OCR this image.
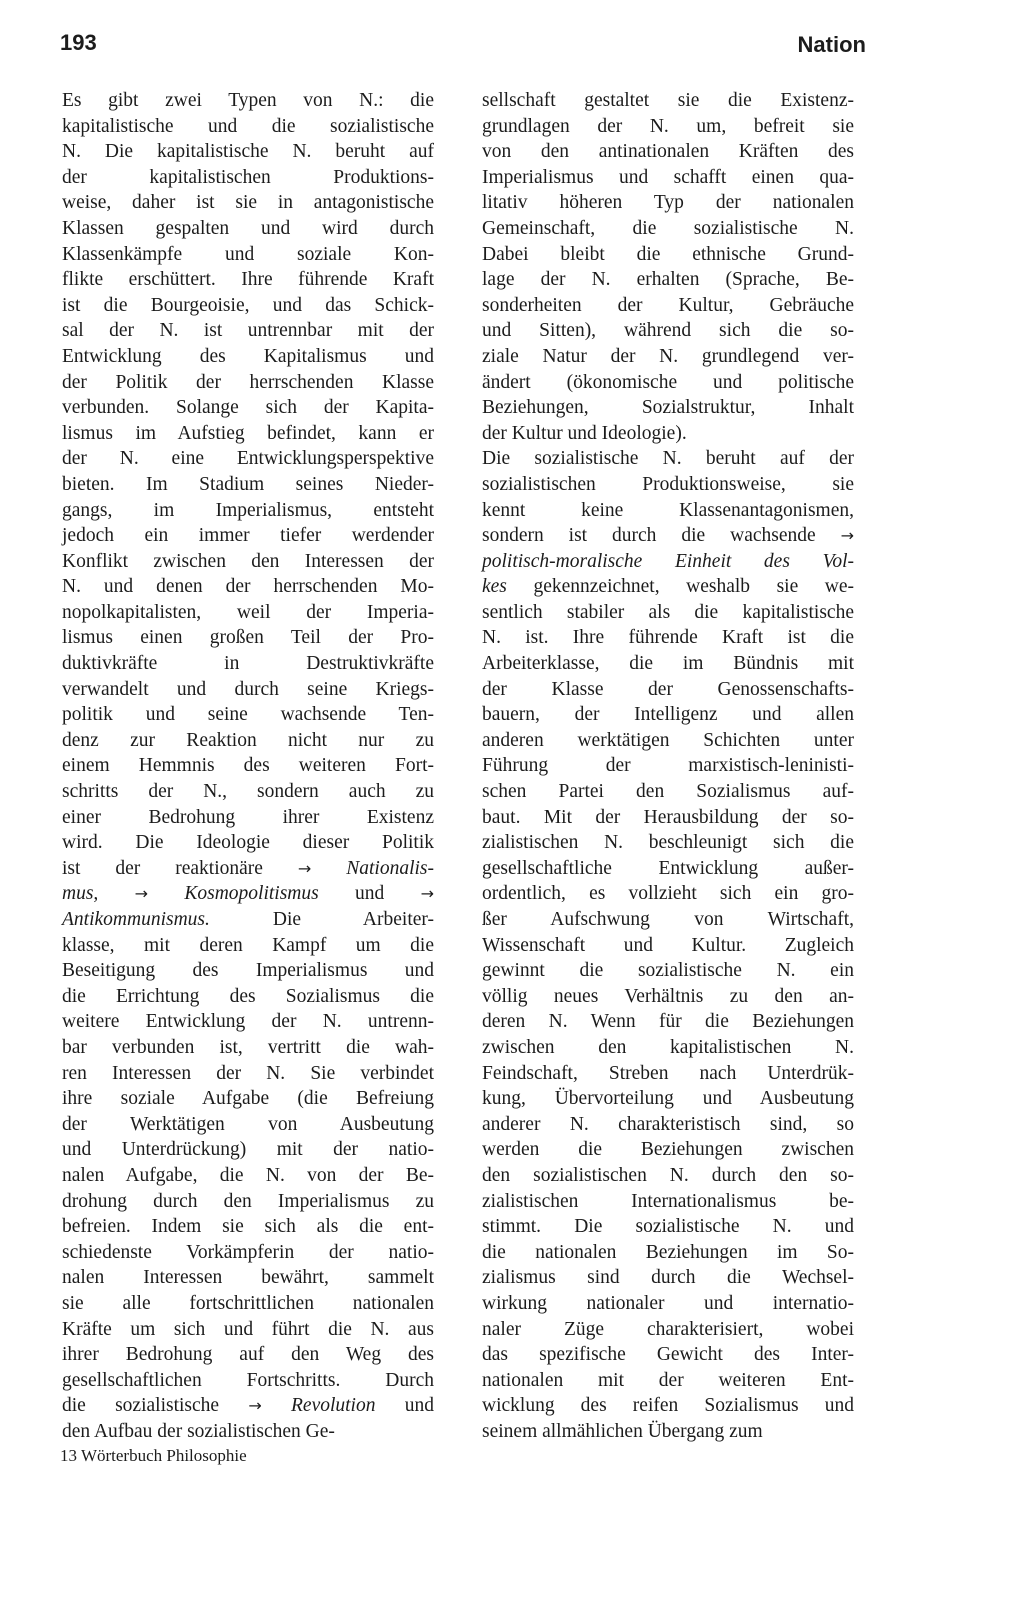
193	Nation
Es gibt zwei Typen von N.: die
kapitalistische und die sozialistische
N. Die kapitalistische N. beruht auf
der kapitalistischen Produktions-
weise, daher ist sie in antagonistische
Klassen gespalten und wird durch
Klassenkämpfe und soziale Kon-
flikte erschüttert. Ihre führende Kraft
ist die Bourgeoisie, und das Schick-
sal der N. ist untrennbar mit der
Entwicklung des Kapitalismus und
der Politik der herrschenden Klasse
verbunden. Solange sich der Kapita-
lismus im Aufstieg befindet, kann er
der N. eine Entwicklungsperspektive
bieten. Im Stadium seines Nieder-
gangs, im Imperialismus, entsteht
jedoch ein immer tiefer werdender
Konflikt zwischen den Interessen der
N. und denen der herrschenden Mo-
nopolkapitalisten, weil der Imperia-
lismus einen großen Teil der Pro-
duktivkräfte in Destruktivkräfte
verwandelt und durch seine Kriegs-
politik und seine wachsende Ten-
denz zur Reaktion nicht nur zu
einem Hemmnis des weiteren Fort-
schritts der N., sondern auch zu
einer Bedrohung ihrer Existenz
wird. Die Ideologie dieser Politik
ist der reaktionäre → Nationalis-
mus, → Kosmopolitismus und →
Antikommunismus. Die Arbeiter-
klasse, mit deren Kampf um die
Beseitigung des Imperialismus und
die Errichtung des Sozialismus die
weitere Entwicklung der N. untrenn-
bar verbunden ist, vertritt die wah-
ren Interessen der N. Sie verbindet
ihre soziale Aufgabe (die Befreiung
der Werktätigen von Ausbeutung
und Unterdrückung) mit der natio-
nalen Aufgabe, die N. von der Be-
drohung durch den Imperialismus zu
befreien. Indem sie sich als die ent-
schiedenste Vorkämpferin der natio-
nalen Interessen bewährt, sammelt
sie alle fortschrittlichen nationalen
Kräfte um sich und führt die N. aus
ihrer Bedrohung auf den Weg des
gesellschaftlichen Fortschritts. Durch
die sozialistische → Revolution und
den Aufbau der sozialistischen Ge-
sellschaft gestaltet sie die Existenz-
grundlagen der N. um, befreit sie
von den antinationalen Kräften des
Imperialismus und schafft einen qua-
litativ höheren Typ der nationalen
Gemeinschaft, die sozialistische N.
Dabei bleibt die ethnische Grund-
lage der N. erhalten (Sprache, Be-
sonderheiten der Kultur, Gebräuche
und Sitten), während sich die so-
ziale Natur der N. grundlegend ver-
ändert (ökonomische und politische
Beziehungen, Sozialstruktur, Inhalt
der Kultur und Ideologie).
Die sozialistische N. beruht auf der
sozialistischen Produktionsweise, sie
kennt keine Klassenantagonismen,
sondern ist durch die wachsende →
politisch-moralische Einheit des Vol-
kes gekennzeichnet, weshalb sie we-
sentlich stabiler als die kapitalistische
N. ist. Ihre führende Kraft ist die
Arbeiterklasse, die im Bündnis mit
der Klasse der Genossenschafts-
bauern, der Intelligenz und allen
anderen werktätigen Schichten unter
Führung der marxistisch-leninisti-
schen Partei den Sozialismus auf-
baut. Mit der Herausbildung der so-
zialistischen N. beschleunigt sich die
gesellschaftliche Entwicklung außer-
ordentlich, es vollzieht sich ein gro-
ßer Aufschwung von Wirtschaft,
Wissenschaft und Kultur. Zugleich
gewinnt die sozialistische N. ein
völlig neues Verhältnis zu den an-
deren N. Wenn für die Beziehungen
zwischen den kapitalistischen N.
Feindschaft, Streben nach Unterdrük-
kung, Übervorteilung und Ausbeutung
anderer N. charakteristisch sind, so
werden die Beziehungen zwischen
den sozialistischen N. durch den so-
zialistischen Internationalismus be-
stimmt. Die sozialistische N. und
die nationalen Beziehungen im So-
zialismus sind durch die Wechsel-
wirkung nationaler und internatio-
naler Züge charakterisiert, wobei
das spezifische Gewicht des Inter-
nationalen mit der weiteren Ent-
wicklung des reifen Sozialismus und
seinem allmählichen Übergang zum
13 Wörterbuch Philosophie
